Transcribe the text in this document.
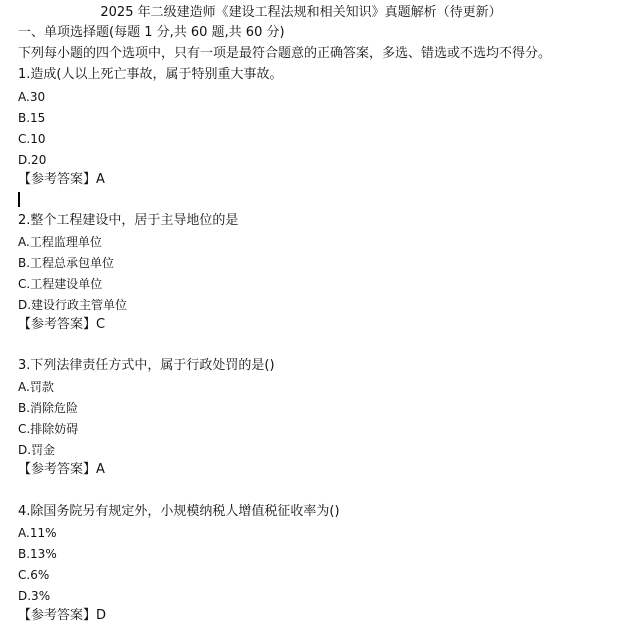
2025 年二级建造师《建设工程法规和相关知识》真题解析（待更新）
一、单项选择题(每题 1 分,共 60 题,共 60 分)
下列每小题的四个选项中，只有一项是最符合题意的正确答案，多选、错选或不选均不得分。
1.造成(人以上死亡事故，属于特别重大事故。
A.30
B.15
C.10
D.20
【参考答案】A
2.整个工程建设中，居于主导地位的是
A.工程监理单位
B.工程总承包单位
C.工程建设单位
D.建设行政主管单位
【参考答案】C
3.下列法律责任方式中，属于行政处罚的是()
A.罚款
B.消除危险
C.排除妨碍
D.罚金
【参考答案】A
4.除国务院另有规定外，小规模纳税人增值税征收率为()
A.11%
B.13%
C.6%
D.3%
【参考答案】D
